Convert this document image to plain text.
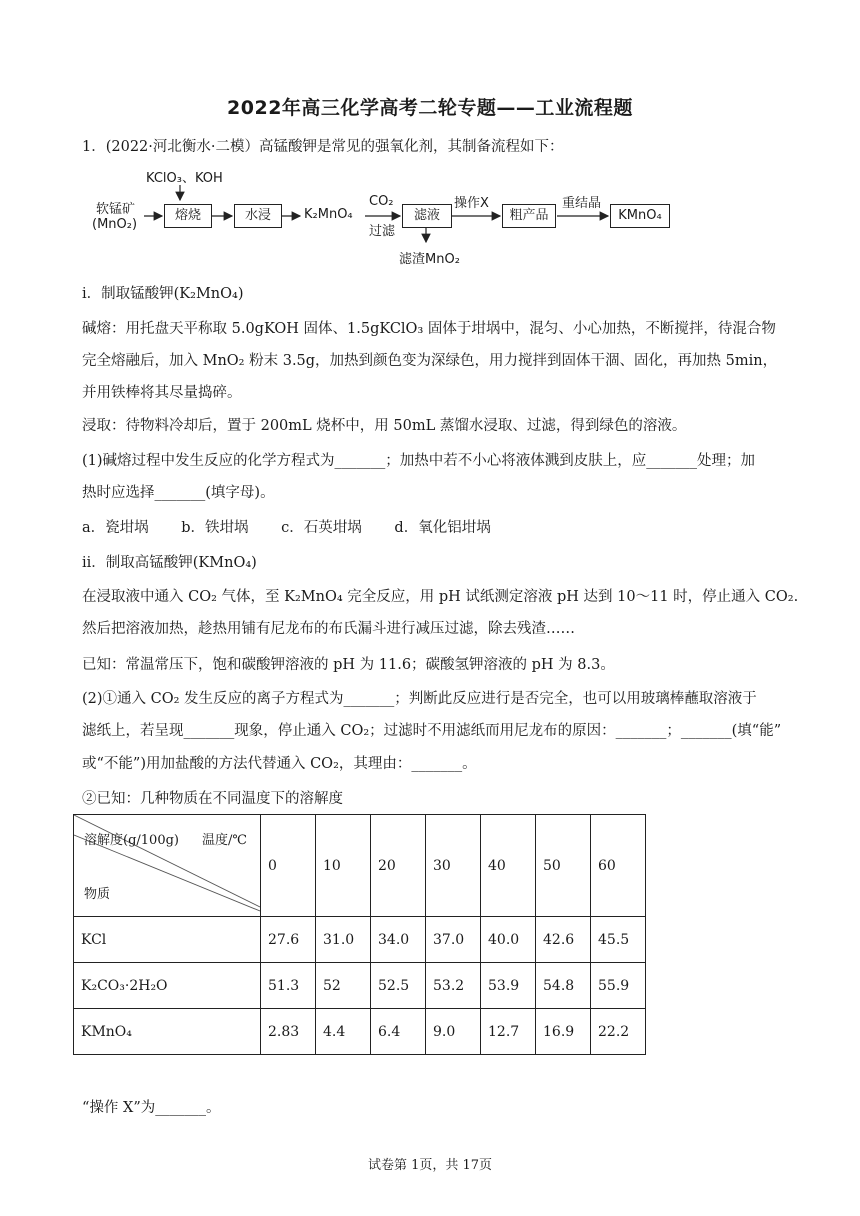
2022年高三化学高考二轮专题——工业流程题
1．(2022·河北衡水·二模）高锰酸钾是常见的强氧化剂，其制备流程如下：
KClO₃、KOH
软锰矿
(MnO₂)
熔烧	水浸	K₂MnO₄
CO₂
过滤
滤液
滤渣MnO₂
操作X
粗产品
重结晶
KMnO₄
i．制取锰酸钾(K₂MnO₄)
碱熔：用托盘天平称取 5.0gKOH 固体、1.5gKClO₃ 固体于坩埚中，混匀、小心加热，不断搅拌，待混合物
完全熔融后，加入 MnO₂ 粉末 3.5g，加热到颜色变为深绿色，用力搅拌到固体干涸、固化，再加热 5min，
并用铁棒将其尽量捣碎。
浸取：待物料冷却后，置于 200mL 烧杯中，用 50mL 蒸馏水浸取、过滤，得到绿色的溶液。
(1)碱熔过程中发生反应的化学方程式为_______；加热中若不小心将液体溅到皮肤上，应_______处理；加
热时应选择_______(填字母)。
a．瓷坩埚 b．铁坩埚 c．石英坩埚 d．氧化铝坩埚
ii．制取高锰酸钾(KMnO₄)
在浸取液中通入 CO₂ 气体，至 K₂MnO₄ 完全反应，用 pH 试纸测定溶液 pH 达到 10～11 时，停止通入 CO₂.
然后把溶液加热，趁热用铺有尼龙布的布氏漏斗进行减压过滤，除去残渣……
已知：常温常压下，饱和碳酸钾溶液的 pH 为 11.6；碳酸氢钾溶液的 pH 为 8.3。
(2)①通入 CO₂ 发生反应的离子方程式为_______；判断此反应进行是否完全，也可以用玻璃棒蘸取溶液于
滤纸上，若呈现_______现象，停止通入 CO₂；过滤时不用滤纸而用尼龙布的原因：_______；_______(填“能”
或“不能”)用加盐酸的方法代替通入 CO₂，其理由：_______。
②已知：几种物质在不同温度下的溶解度
溶解度(g/100g) 温度/℃
物质	0	10	20	30	40	50	60
KCl	27.6	31.0	34.0	37.0	40.0	42.6	45.5
K₂CO₃·2H₂O	51.3	52	52.5	53.2	53.9	54.8	55.9
KMnO₄	2.83	4.4	6.4	9.0	12.7	16.9	22.2
“操作 X”为_______。
试卷第 1页，共 17页
